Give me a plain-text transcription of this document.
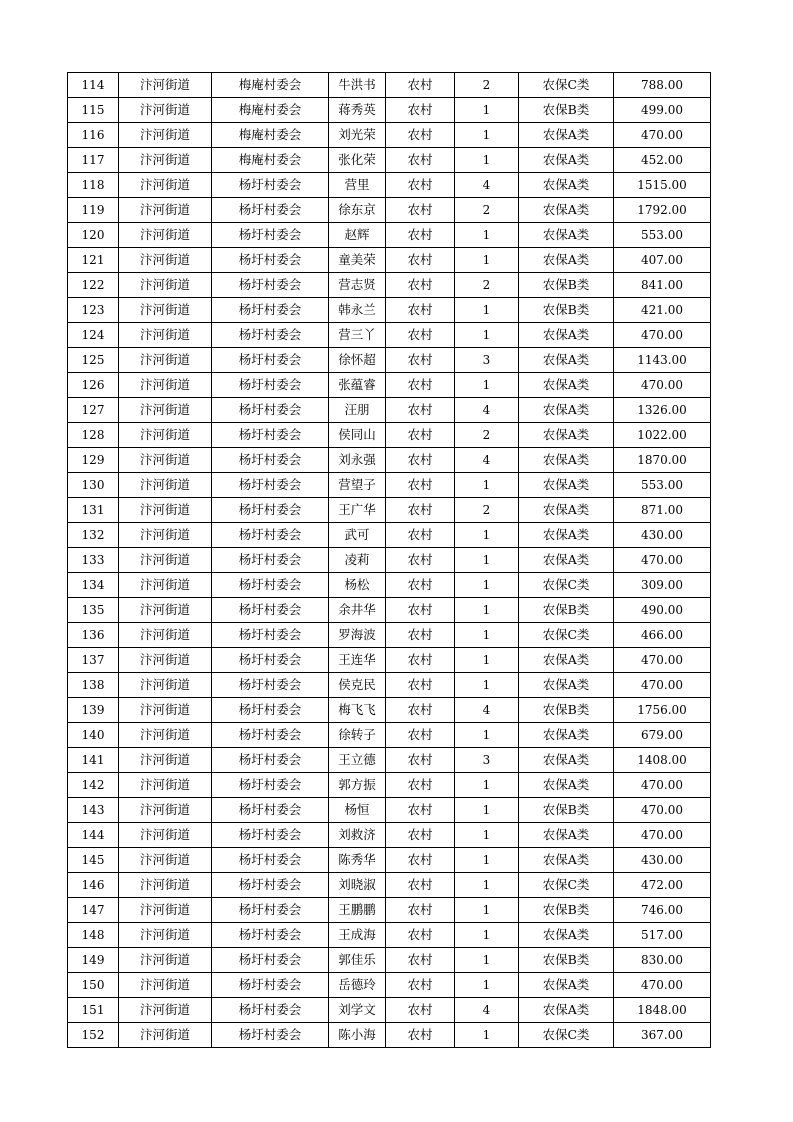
114	汴河街道	梅庵村委会	牛洪书	农村	2	农保C类	788.00
115	汴河街道	梅庵村委会	蒋秀英	农村	1	农保B类	499.00
116	汴河街道	梅庵村委会	刘光荣	农村	1	农保A类	470.00
117	汴河街道	梅庵村委会	张化荣	农村	1	农保A类	452.00
118	汴河街道	杨圩村委会	营里	农村	4	农保A类	1515.00
119	汴河街道	杨圩村委会	徐东京	农村	2	农保A类	1792.00
120	汴河街道	杨圩村委会	赵辉	农村	1	农保A类	553.00
121	汴河街道	杨圩村委会	童美荣	农村	1	农保A类	407.00
122	汴河街道	杨圩村委会	营志贤	农村	2	农保B类	841.00
123	汴河街道	杨圩村委会	韩永兰	农村	1	农保B类	421.00
124	汴河街道	杨圩村委会	营三丫	农村	1	农保A类	470.00
125	汴河街道	杨圩村委会	徐怀超	农村	3	农保A类	1143.00
126	汴河街道	杨圩村委会	张蕴睿	农村	1	农保A类	470.00
127	汴河街道	杨圩村委会	汪朋	农村	4	农保A类	1326.00
128	汴河街道	杨圩村委会	侯同山	农村	2	农保A类	1022.00
129	汴河街道	杨圩村委会	刘永强	农村	4	农保A类	1870.00
130	汴河街道	杨圩村委会	营望子	农村	1	农保A类	553.00
131	汴河街道	杨圩村委会	王广华	农村	2	农保A类	871.00
132	汴河街道	杨圩村委会	武可	农村	1	农保A类	430.00
133	汴河街道	杨圩村委会	凌莉	农村	1	农保A类	470.00
134	汴河街道	杨圩村委会	杨松	农村	1	农保C类	309.00
135	汴河街道	杨圩村委会	余井华	农村	1	农保B类	490.00
136	汴河街道	杨圩村委会	罗海波	农村	1	农保C类	466.00
137	汴河街道	杨圩村委会	王连华	农村	1	农保A类	470.00
138	汴河街道	杨圩村委会	侯克民	农村	1	农保A类	470.00
139	汴河街道	杨圩村委会	梅飞飞	农村	4	农保B类	1756.00
140	汴河街道	杨圩村委会	徐转子	农村	1	农保A类	679.00
141	汴河街道	杨圩村委会	王立德	农村	3	农保A类	1408.00
142	汴河街道	杨圩村委会	郭方振	农村	1	农保A类	470.00
143	汴河街道	杨圩村委会	杨恒	农村	1	农保B类	470.00
144	汴河街道	杨圩村委会	刘救济	农村	1	农保A类	470.00
145	汴河街道	杨圩村委会	陈秀华	农村	1	农保A类	430.00
146	汴河街道	杨圩村委会	刘晓淑	农村	1	农保C类	472.00
147	汴河街道	杨圩村委会	王鹏鹏	农村	1	农保B类	746.00
148	汴河街道	杨圩村委会	王成海	农村	1	农保A类	517.00
149	汴河街道	杨圩村委会	郭佳乐	农村	1	农保B类	830.00
150	汴河街道	杨圩村委会	岳德玲	农村	1	农保A类	470.00
151	汴河街道	杨圩村委会	刘学文	农村	4	农保A类	1848.00
152	汴河街道	杨圩村委会	陈小海	农村	1	农保C类	367.00
